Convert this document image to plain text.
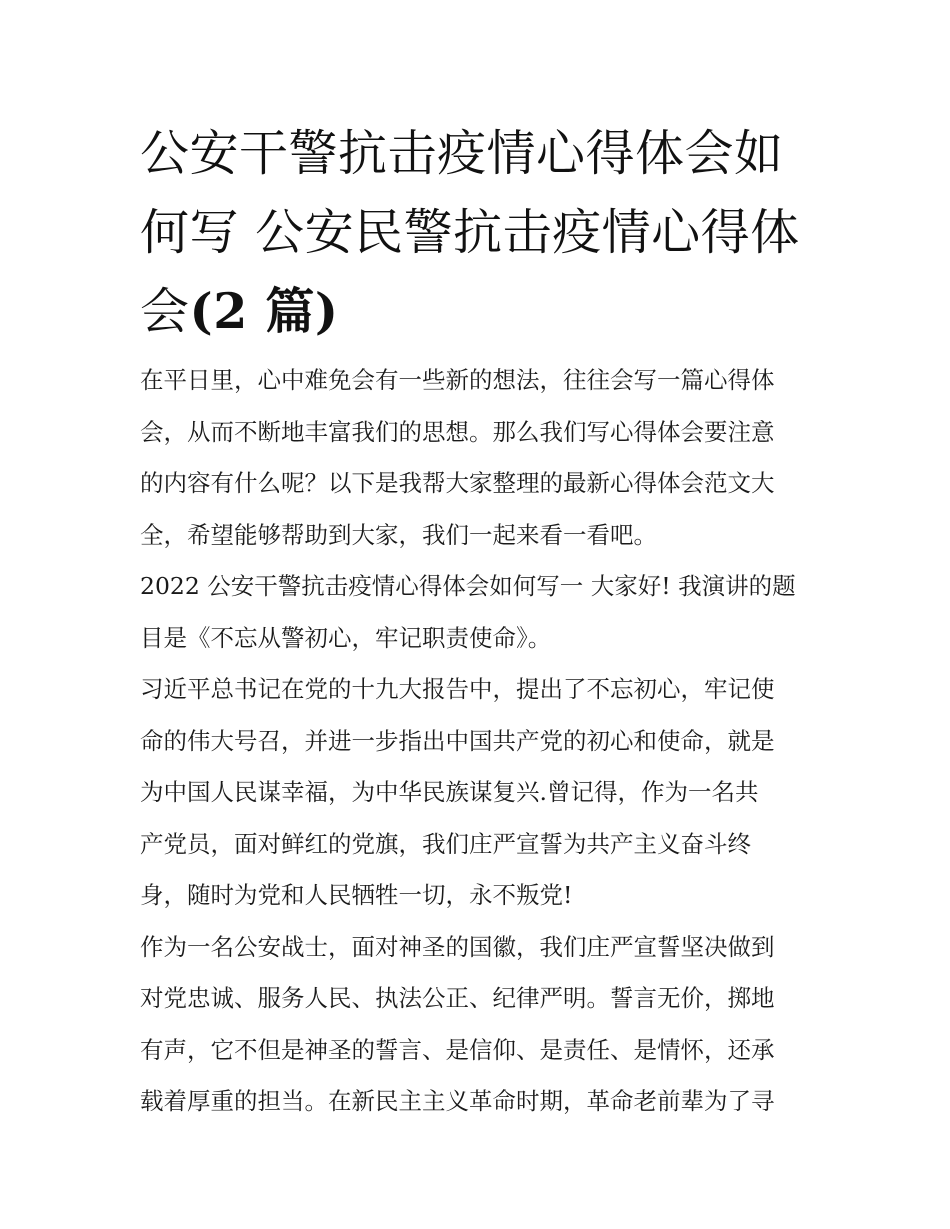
公安干警抗击疫情心得体会如
何写 公安民警抗击疫情心得体
会(2 篇)

在平日里，心中难免会有一些新的想法，往往会写一篇心得体
会，从而不断地丰富我们的思想。那么我们写心得体会要注意
的内容有什么呢？以下是我帮大家整理的最新心得体会范文大
全，希望能够帮助到大家，我们一起来看一看吧。

2022 公安干警抗击疫情心得体会如何写一 大家好! 我演讲的题
目是《不忘从警初心，牢记职责使命》。

习近平总书记在党的十九大报告中，提出了不忘初心，牢记使
命的伟大号召，并进一步指出中国共产党的初心和使命，就是
为中国人民谋幸福，为中华民族谋复兴.曾记得，作为一名共
产党员，面对鲜红的党旗，我们庄严宣誓为共产主义奋斗终
身，随时为党和人民牺牲一切，永不叛党!

作为一名公安战士，面对神圣的国徽，我们庄严宣誓坚决做到
对党忠诚、服务人民、执法公正、纪律严明。誓言无价，掷地
有声，它不但是神圣的誓言、是信仰、是责任、是情怀，还承
载着厚重的担当。在新民主主义革命时期，革命老前辈为了寻
